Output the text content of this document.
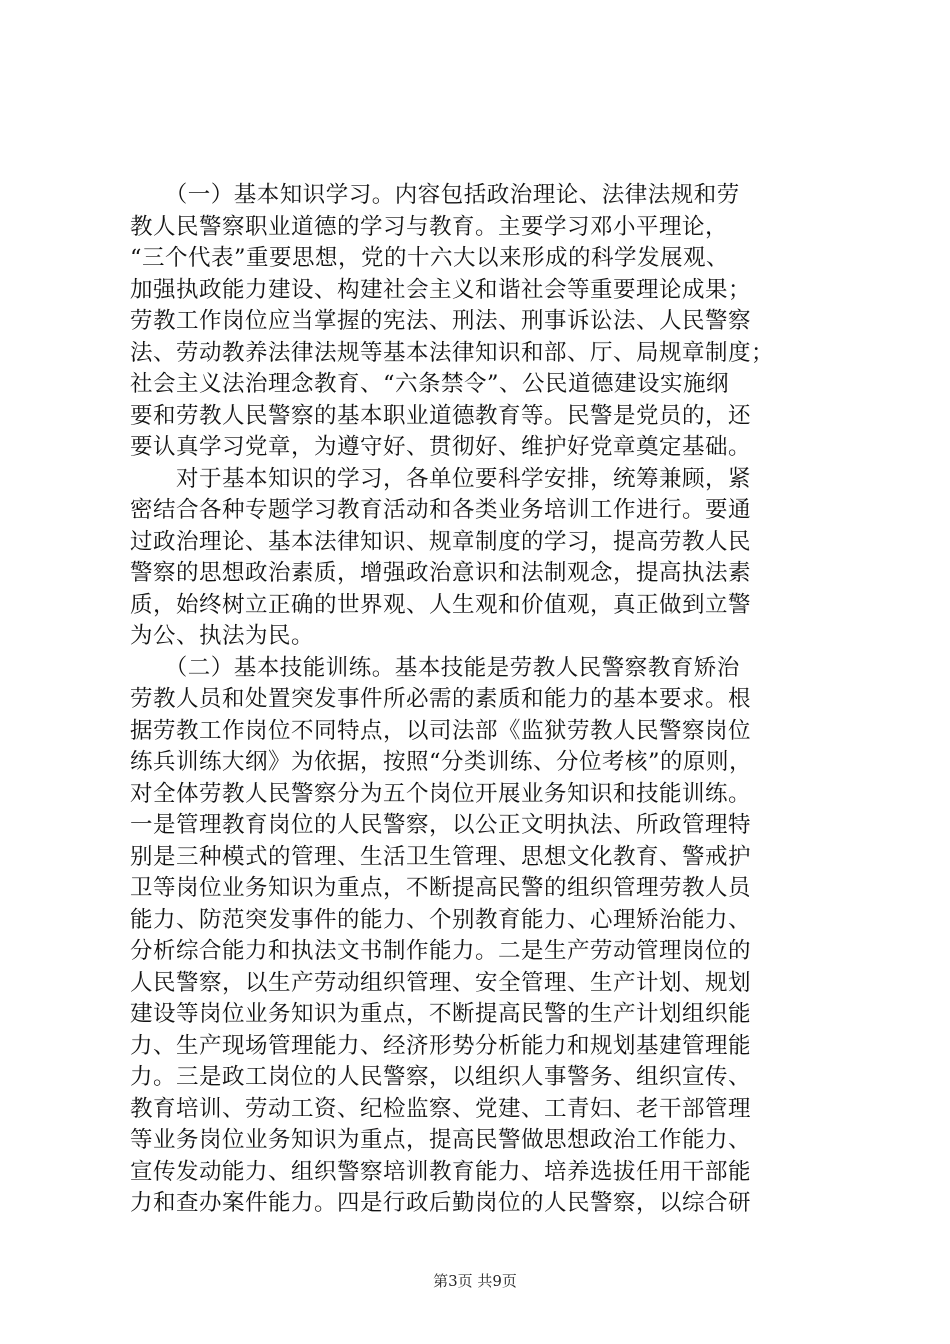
　　（一）基本知识学习。内容包括政治理论、法律法规和劳
教人民警察职业道德的学习与教育。主要学习邓小平理论，
“三个代表”重要思想，党的十六大以来形成的科学发展观、
加强执政能力建设、构建社会主义和谐社会等重要理论成果；
劳教工作岗位应当掌握的宪法、刑法、刑事诉讼法、人民警察
法、劳动教养法律法规等基本法律知识和部、厅、局规章制度；
社会主义法治理念教育、“六条禁令”、公民道德建设实施纲
要和劳教人民警察的基本职业道德教育等。民警是党员的，还
要认真学习党章，为遵守好、贯彻好、维护好党章奠定基础。
　　对于基本知识的学习，各单位要科学安排，统筹兼顾，紧
密结合各种专题学习教育活动和各类业务培训工作进行。要通
过政治理论、基本法律知识、规章制度的学习，提高劳教人民
警察的思想政治素质，增强政治意识和法制观念，提高执法素
质，始终树立正确的世界观、人生观和价值观，真正做到立警
为公、执法为民。
　　（二）基本技能训练。基本技能是劳教人民警察教育矫治
劳教人员和处置突发事件所必需的素质和能力的基本要求。根
据劳教工作岗位不同特点，以司法部《监狱劳教人民警察岗位
练兵训练大纲》为依据，按照“分类训练、分位考核”的原则，
对全体劳教人民警察分为五个岗位开展业务知识和技能训练。
一是管理教育岗位的人民警察，以公正文明执法、所政管理特
别是三种模式的管理、生活卫生管理、思想文化教育、警戒护
卫等岗位业务知识为重点，不断提高民警的组织管理劳教人员
能力、防范突发事件的能力、个别教育能力、心理矫治能力、
分析综合能力和执法文书制作能力。二是生产劳动管理岗位的
人民警察，以生产劳动组织管理、安全管理、生产计划、规划
建设等岗位业务知识为重点，不断提高民警的生产计划组织能
力、生产现场管理能力、经济形势分析能力和规划基建管理能
力。三是政工岗位的人民警察，以组织人事警务、组织宣传、
教育培训、劳动工资、纪检监察、党建、工青妇、老干部管理
等业务岗位业务知识为重点，提高民警做思想政治工作能力、
宣传发动能力、组织警察培训教育能力、培养选拔任用干部能
力和查办案件能力。四是行政后勤岗位的人民警察，以综合研
第3页 共9页
